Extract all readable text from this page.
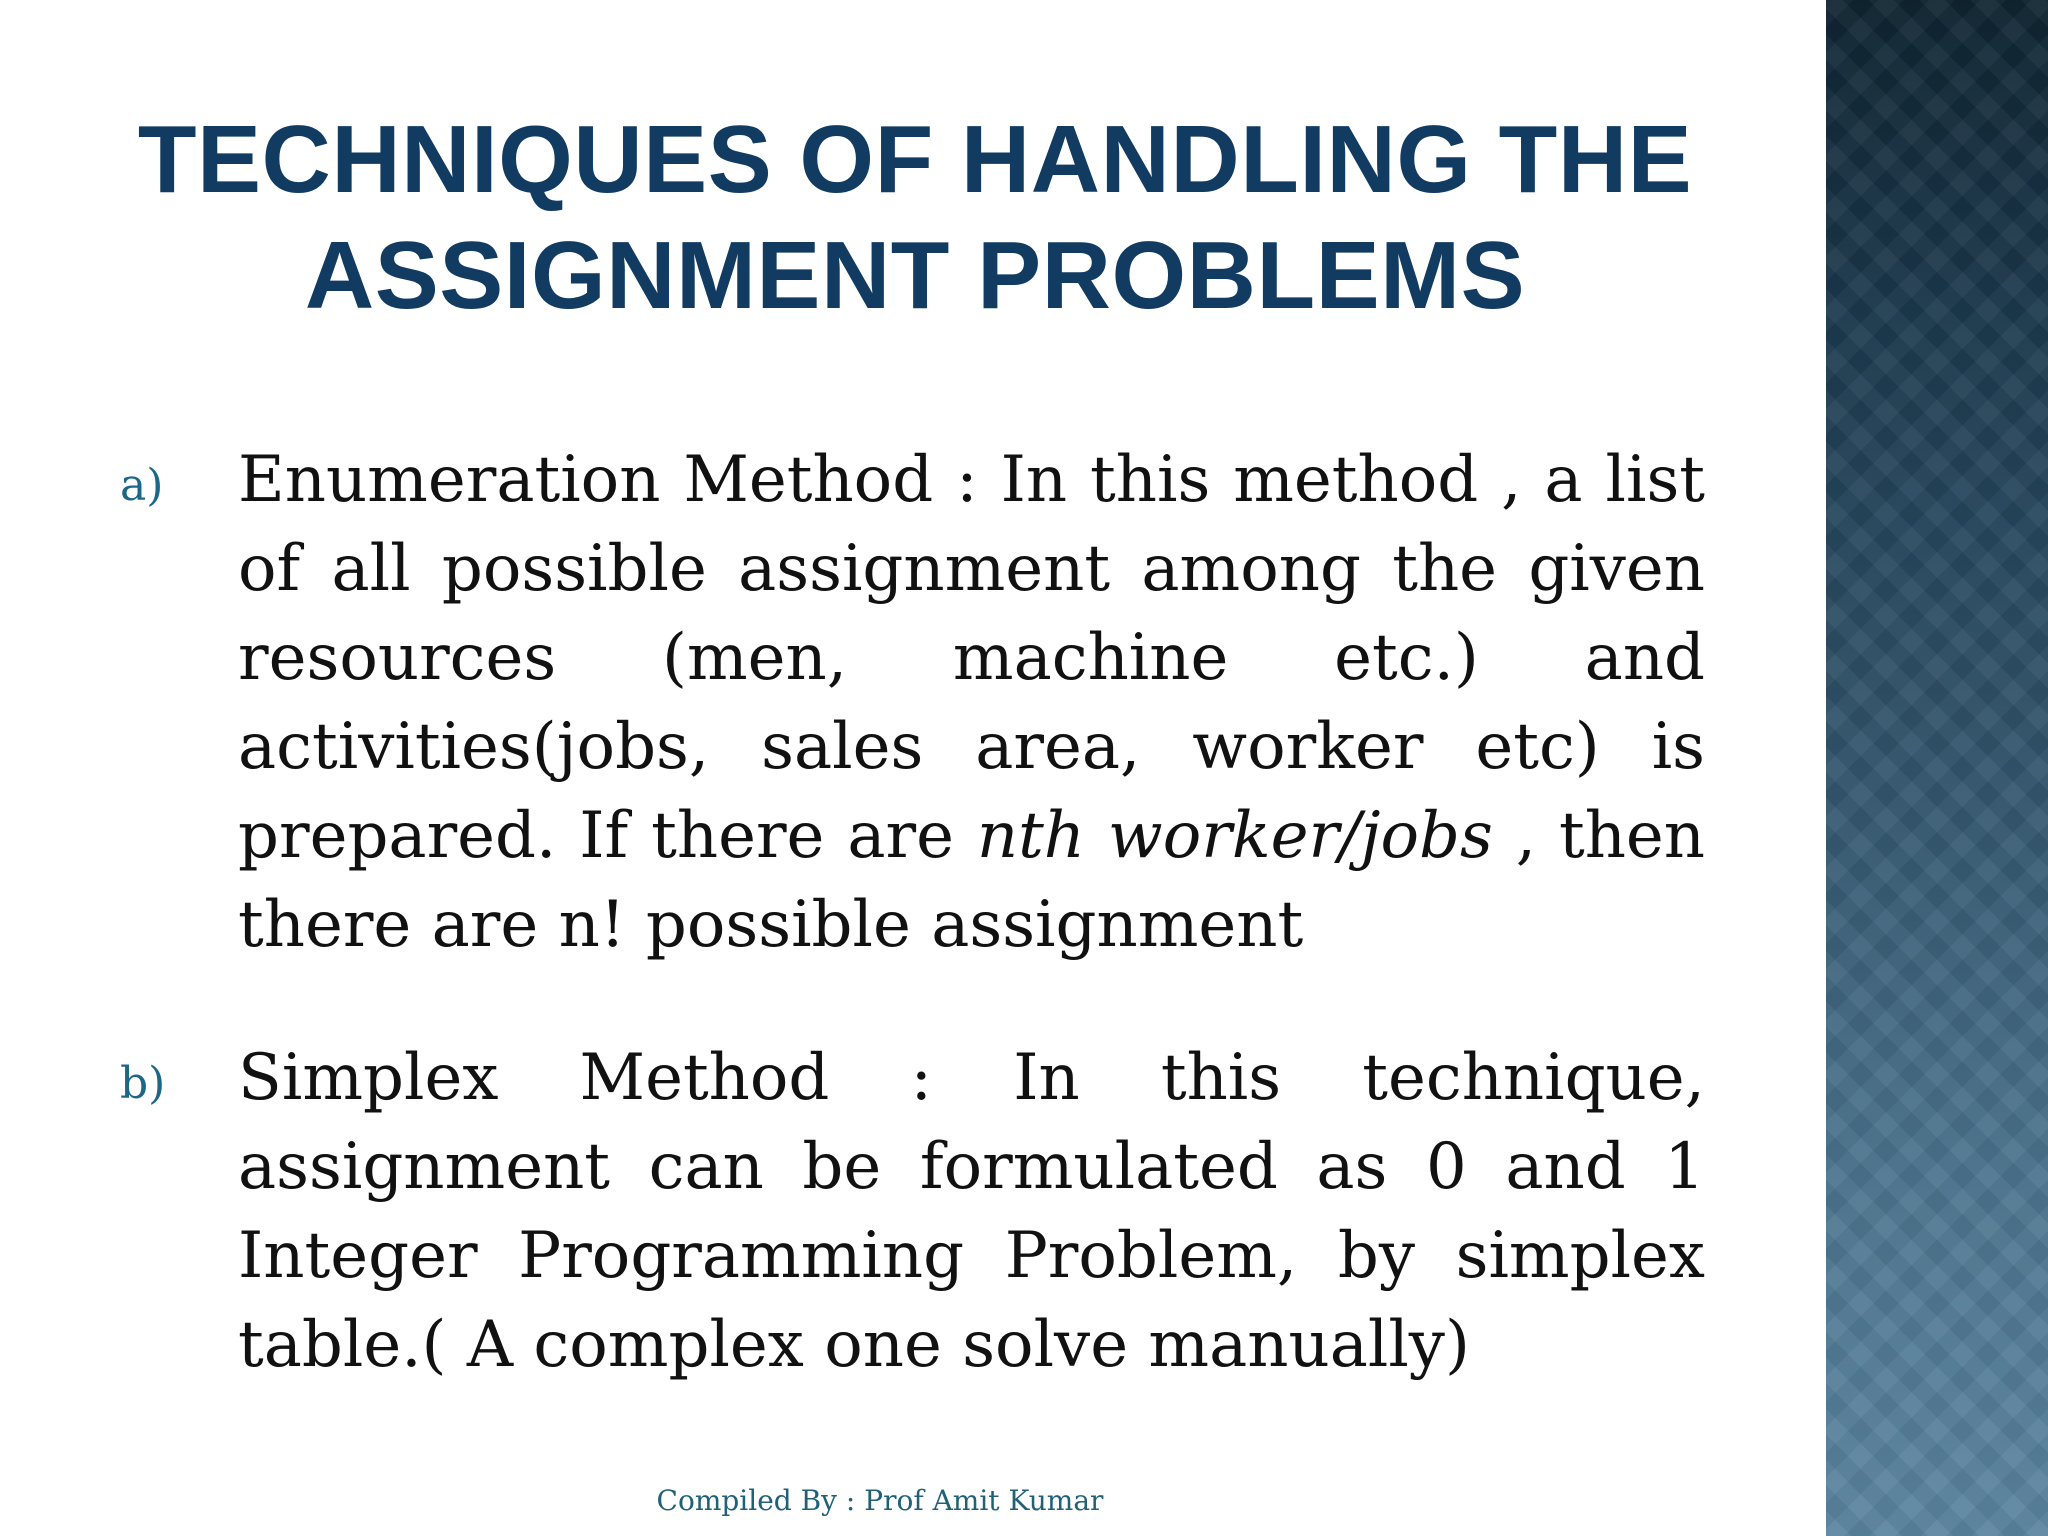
TECHNIQUES OF HANDLING THE
ASSIGNMENT PROBLEMS
a) Enumeration Method : In this method , a list of all possible assignment among the given resources (men, machine etc.) and activities(jobs, sales area, worker etc) is prepared. If there are nth worker/jobs , then there are n! possible assignment

b) Simplex Method : In this technique, assignment can be formulated as 0 and 1 Integer Programming Problem, by simplex table.( A complex one solve manually)

Compiled By : Prof Amit Kumar
